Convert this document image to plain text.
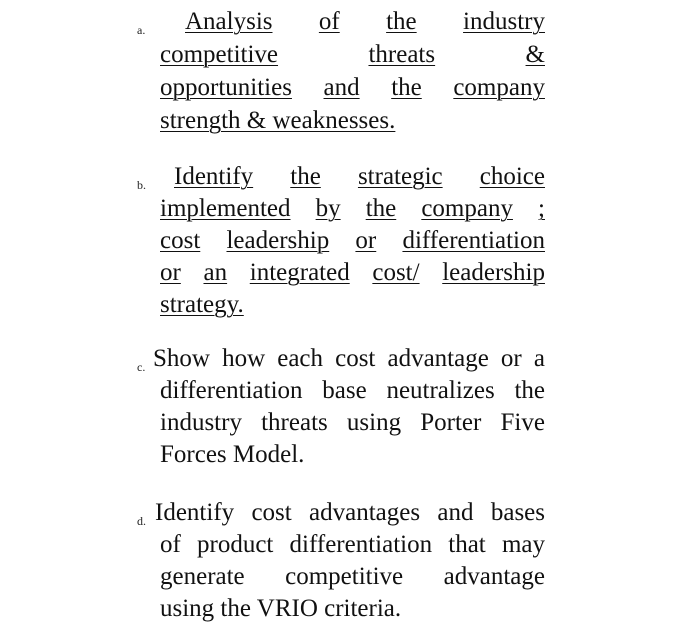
a. Analysis of the industry
competitive	threats	&
opportunities and the company
strength & weaknesses.
b. Identify the strategic choice
implemented by the company ;
cost leadership or differentiation
or an integrated cost/ leadership
strategy.
c. Show how each cost advantage or a
differentiation base neutralizes the
industry threats using Porter Five
Forces Model.
d. Identify cost advantages and bases
of product differentiation that may
generate competitive advantage
using the VRIO criteria.
